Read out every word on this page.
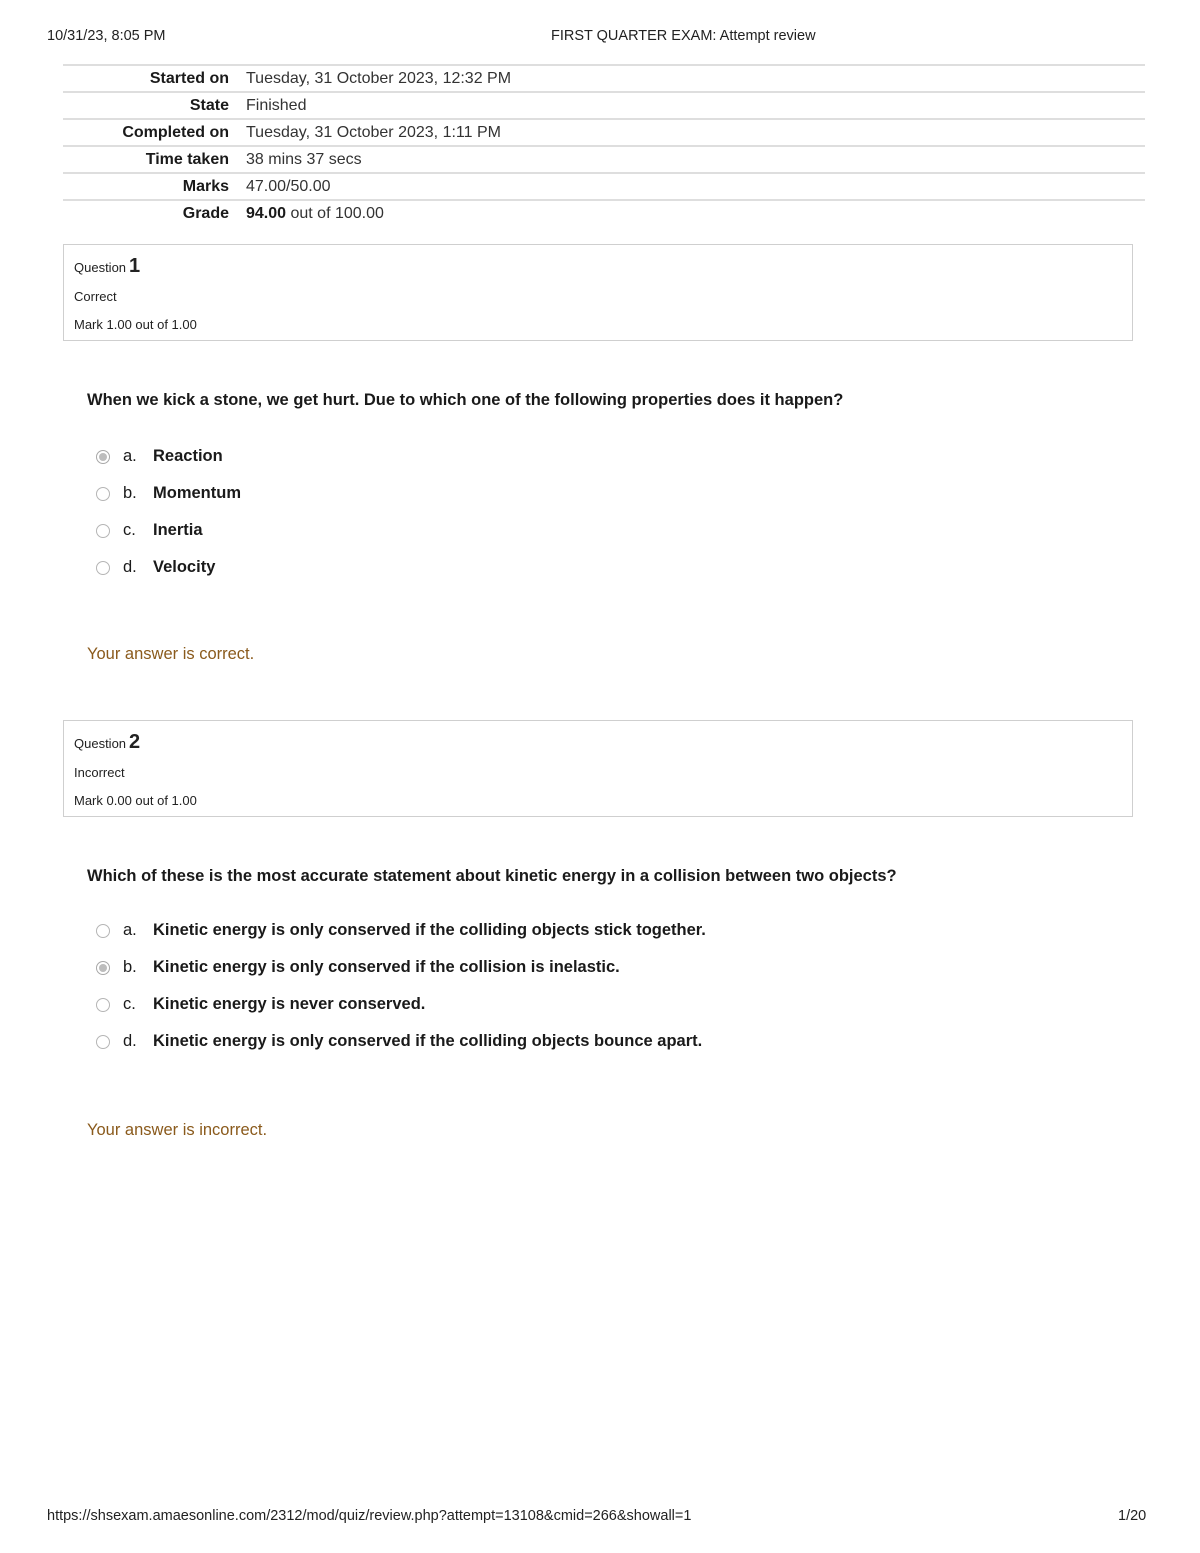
10/31/23, 8:05 PM	FIRST QUARTER EXAM: Attempt review
Started on	Tuesday, 31 October 2023, 12:32 PM
State	Finished
Completed on	Tuesday, 31 October 2023, 1:11 PM
Time taken	38 mins 37 secs
Marks	47.00/50.00
Grade	94.00 out of 100.00
Question 1
Correct
Mark 1.00 out of 1.00
When we kick a stone, we get hurt. Due to which one of the following properties does it happen?
a. Reaction
b. Momentum
c. Inertia
d. Velocity
Your answer is correct.
Question 2
Incorrect
Mark 0.00 out of 1.00
Which of these is the most accurate statement about kinetic energy in a collision between two objects?
a. Kinetic energy is only conserved if the colliding objects stick together.
b. Kinetic energy is only conserved if the collision is inelastic.
c. Kinetic energy is never conserved.
d. Kinetic energy is only conserved if the colliding objects bounce apart.
Your answer is incorrect.
https://shsexam.amaesonline.com/2312/mod/quiz/review.php?attempt=13108&cmid=266&showall=1	1/20
